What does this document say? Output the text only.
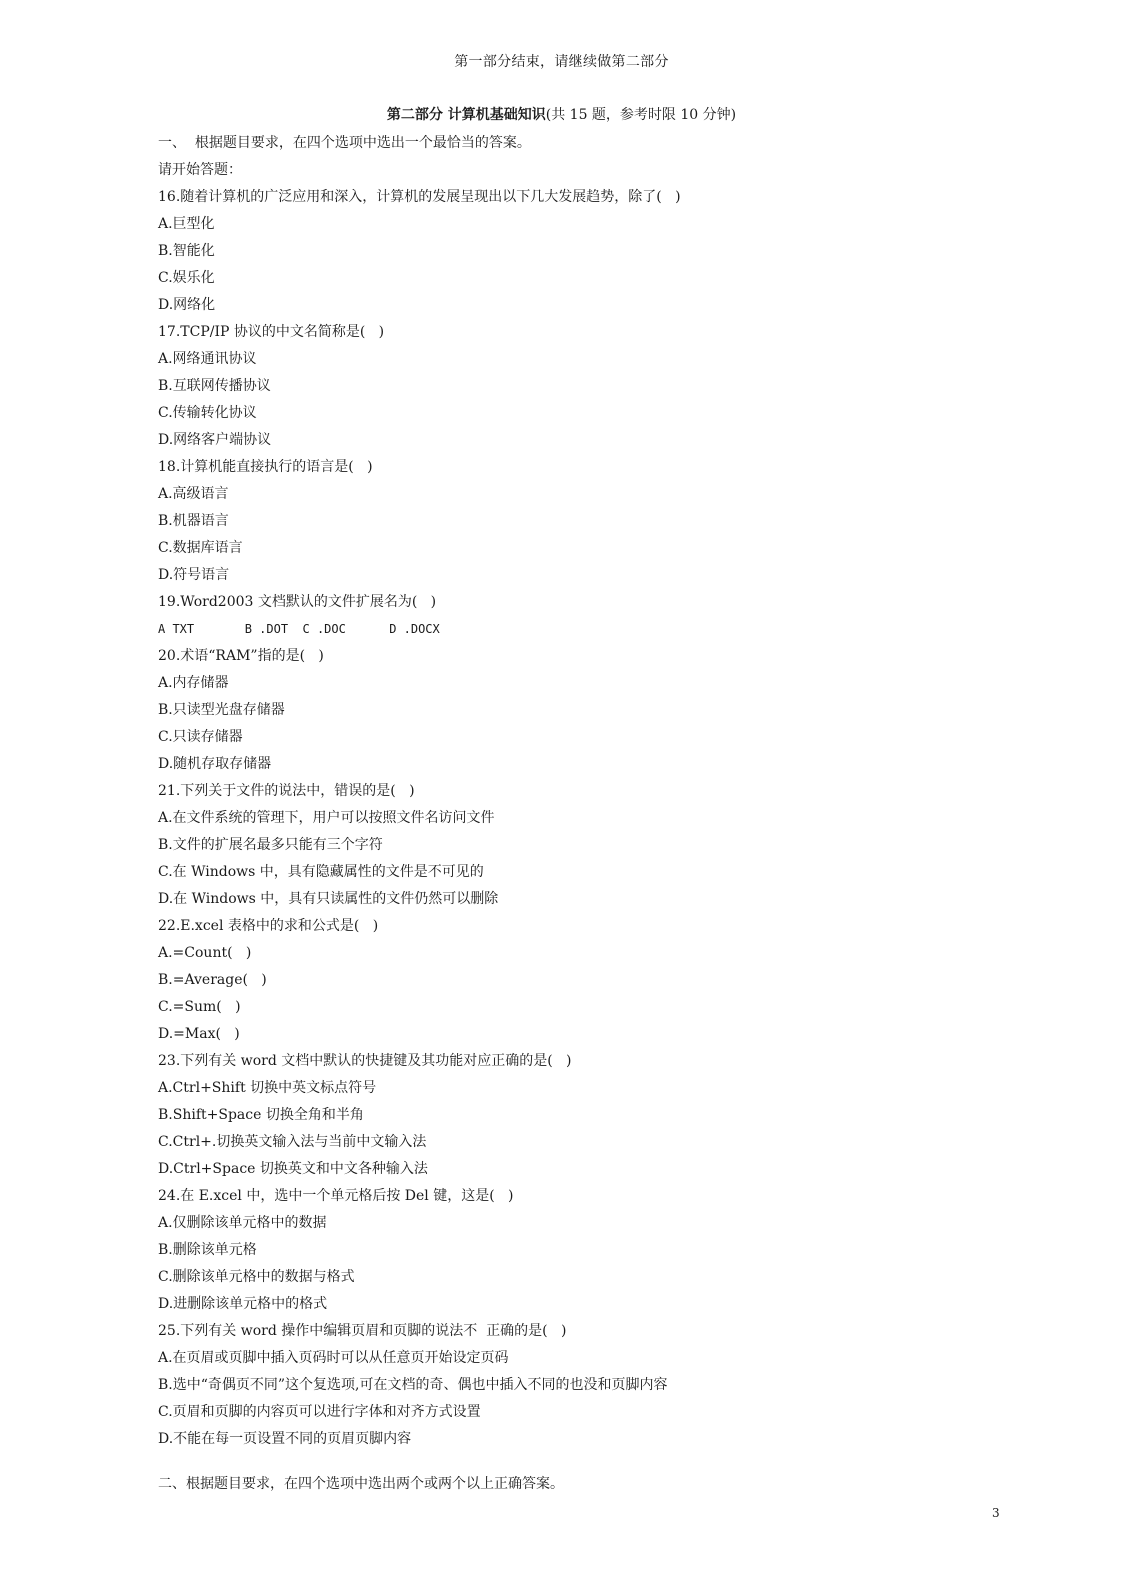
第一部分结束，请继续做第二部分
第二部分 计算机基础知识(共 15 题，参考时限 10 分钟)
一、  根据题目要求，在四个选项中选出一个最恰当的答案。
请开始答题：
16.随着计算机的广泛应用和深入，计算机的发展呈现出以下几大发展趋势，除了(   )
A.巨型化
B.智能化
C.娱乐化
D.网络化
17.TCP/IP 协议的中文名简称是(   )
A.网络通讯协议
B.互联网传播协议
C.传输转化协议
D.网络客户端协议
18.计算机能直接执行的语言是(   )
A.高级语言
B.机器语言
C.数据库语言
D.符号语言
19.Word2003 文档默认的文件扩展名为(   )
A TXT       B .DOT  C .DOC      D .DOCX
20.术语“RAM”指的是(   )
A.内存储器
B.只读型光盘存储器
C.只读存储器
D.随机存取存储器
21.下列关于文件的说法中，错误的是(   )
A.在文件系统的管理下，用户可以按照文件名访问文件
B.文件的扩展名最多只能有三个字符
C.在 Windows 中，具有隐藏属性的文件是不可见的
D.在 Windows 中，具有只读属性的文件仍然可以删除
22.E.xcel 表格中的求和公式是(   )
A.=Count(   )
B.=Average(   )
C.=Sum(   )
D.=Max(   )
23.下列有关 word 文档中默认的快捷键及其功能对应正确的是(   )
A.Ctrl+Shift 切换中英文标点符号
B.Shift+Space 切换全角和半角
C.Ctrl+.切换英文输入法与当前中文输入法
D.Ctrl+Space 切换英文和中文各种输入法
24.在 E.xcel 中，选中一个单元格后按 Del 键，这是(   )
A.仅删除该单元格中的数据
B.删除该单元格
C.删除该单元格中的数据与格式
D.进删除该单元格中的格式
25.下列有关 word 操作中编辑页眉和页脚的说法不  正确的是(   )
A.在页眉或页脚中插入页码时可以从任意页开始设定页码
B.选中“奇偶页不同”这个复选项,可在文档的奇、偶也中插入不同的也没和页脚内容
C.页眉和页脚的内容页可以进行字体和对齐方式设置
D.不能在每一页设置不同的页眉页脚内容
二、根据题目要求，在四个选项中选出两个或两个以上正确答案。
3
